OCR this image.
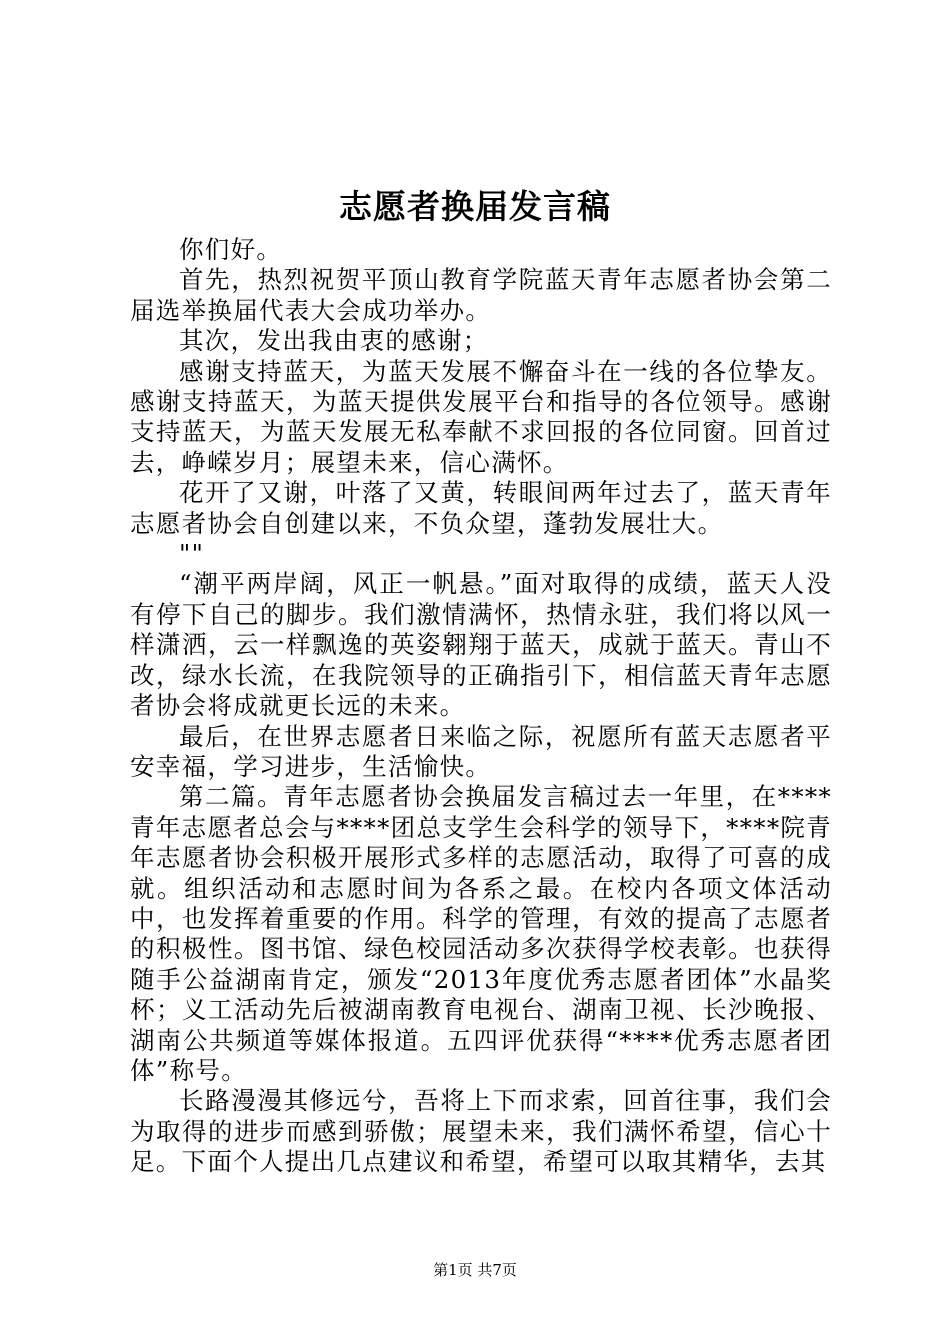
志愿者换届发言稿

你们好。

首先，热烈祝贺平顶山教育学院蓝天青年志愿者协会第二届选举换届代表大会成功举办。

其次，发出我由衷的感谢；

感谢支持蓝天，为蓝天发展不懈奋斗在一线的各位挚友。感谢支持蓝天，为蓝天提供发展平台和指导的各位领导。感谢支持蓝天，为蓝天发展无私奉献不求回报的各位同窗。回首过去，峥嵘岁月；展望未来，信心满怀。

花开了又谢，叶落了又黄，转眼间两年过去了，蓝天青年志愿者协会自创建以来，不负众望，蓬勃发展壮大。

""

“潮平两岸阔，风正一帆悬。”面对取得的成绩，蓝天人没有停下自己的脚步。我们激情满怀，热情永驻，我们将以风一样潇洒，云一样飘逸的英姿翱翔于蓝天，成就于蓝天。青山不改，绿水长流，在我院领导的正确指引下，相信蓝天青年志愿者协会将成就更长远的未来。

最后，在世界志愿者日来临之际，祝愿所有蓝天志愿者平安幸福，学习进步，生活愉快。

第二篇。青年志愿者协会换届发言稿过去一年里，在****青年志愿者总会与****团总支学生会科学的领导下，****院青年志愿者协会积极开展形式多样的志愿活动，取得了可喜的成就。组织活动和志愿时间为各系之最。在校内各项文体活动中，也发挥着重要的作用。科学的管理，有效的提高了志愿者的积极性。图书馆、绿色校园活动多次获得学校表彰。也获得随手公益湖南肯定，颁发“2013年度优秀志愿者团体”水晶奖杯；义工活动先后被湖南教育电视台、湖南卫视、长沙晚报、湖南公共频道等媒体报道。五四评优获得“****优秀志愿者团体”称号。

长路漫漫其修远兮，吾将上下而求索，回首往事，我们会为取得的进步而感到骄傲；展望未来，我们满怀希望，信心十足。下面个人提出几点建议和希望，希望可以取其精华，去其

第1页 共7页
